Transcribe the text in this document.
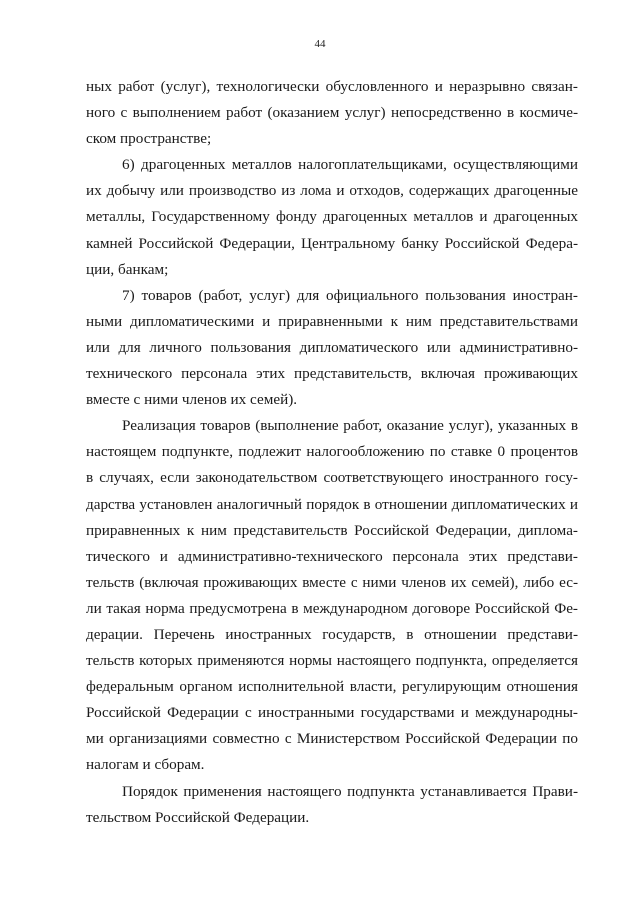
44
ных работ (услуг), технологически обусловленного и неразрывно связан-
ного с выполнением работ (оказанием услуг) непосредственно в космиче-
ском пространстве;
6) драгоценных металлов налогоплательщиками, осуществляющими
их добычу или производство из лома и отходов, содержащих драгоценные
металлы, Государственному фонду драгоценных металлов и драгоценных
камней Российской Федерации, Центральному банку Российской Федера-
ции, банкам;
7) товаров (работ, услуг) для официального пользования иностран-
ными дипломатическими и приравненными к ним представительствами
или для личного пользования дипломатического или административно-
технического персонала этих представительств, включая проживающих
вместе с ними членов их семей).
Реализация товаров (выполнение работ, оказание услуг), указанных в
настоящем подпункте, подлежит налогообложению по ставке 0 процентов
в случаях, если законодательством соответствующего иностранного госу-
дарства установлен аналогичный порядок в отношении дипломатических и
приравненных к ним представительств Российской Федерации, диплома-
тического и административно-технического персонала этих представи-
тельств (включая проживающих вместе с ними членов их семей), либо ес-
ли такая норма предусмотрена в международном договоре Российской Фе-
дерации. Перечень иностранных государств, в отношении представи-
тельств которых применяются нормы настоящего подпункта, определяется
федеральным органом исполнительной власти, регулирующим отношения
Российской Федерации с иностранными государствами и международны-
ми организациями совместно с Министерством Российской Федерации по
налогам и сборам.
Порядок применения настоящего подпункта устанавливается Прави-
тельством Российской Федерации.
